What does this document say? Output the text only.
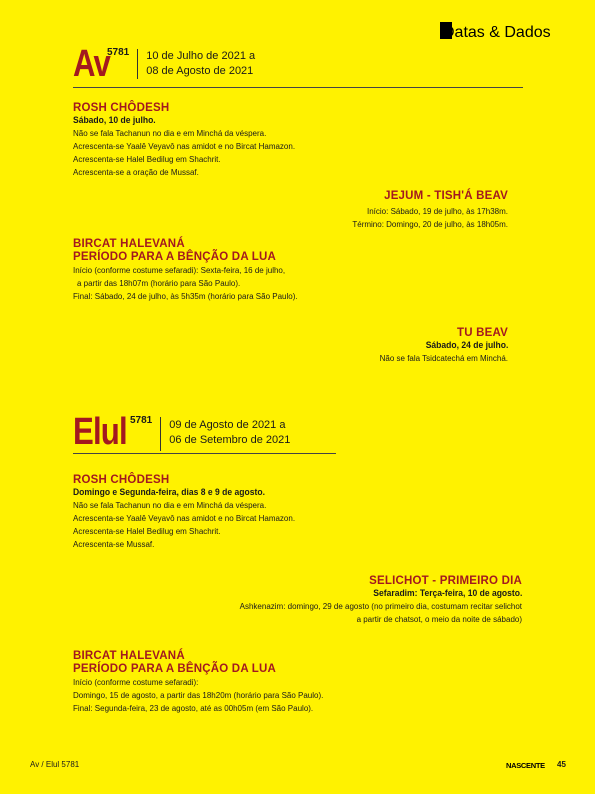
Datas & Dados
Av
5781 10 de Julho de 2021 a
08 de Agosto de 2021
ROSH CHÔDESH
Sábado, 10 de julho.
Não se fala Tachanun no dia e em Minchá da véspera.
Acrescenta-se Yaalê Veyavô nas amidot e no Bircat Hamazon.
Acrescenta-se Halel Bedilug em Shachrit.
Acrescenta-se a oração de Mussaf.
JEJUM - TISH'Á BEAV
Início: Sábado, 19 de julho, às 17h38m.
Término: Domingo, 20 de julho, às 18h05m.
BIRCAT HALEVANÁ
PERÍODO PARA A BÊNÇÃO DA LUA
Início (conforme costume sefaradi): Sexta-feira, 16 de julho,
a partir das 18h07m (horário para São Paulo).
Final: Sábado, 24 de julho, às 5h35m (horário para São Paulo).
TU BEAV
Sábado, 24 de julho.
Não se fala Tsidcatechá em Minchá.
Elul 5781 09 de Agosto de 2021 a
06 de Setembro de 2021
ROSH CHÔDESH
Domingo e Segunda-feira, dias 8 e 9 de agosto.
Não se fala Tachanun no dia e em Minchá da véspera.
Acrescenta-se Yaalê Veyavô nas amidot e no Bircat Hamazon.
Acrescenta-se Halel Bedilug em Shachrit.
Acrescenta-se Mussaf.
SELICHOT - PRIMEIRO DIA
Sefaradim: Terça-feira, 10 de agosto.
Ashkenazim: domingo, 29 de agosto (no primeiro dia, costumam recitar selichot
a partir de chatsot, o meio da noite de sábado)
BIRCAT HALEVANÁ
PERÍODO PARA A BÊNÇÃO DA LUA
Início (conforme costume sefaradi):
Domingo, 15 de agosto, a partir das 18h20m (horário para São Paulo).
Final: Segunda-feira, 23 de agosto, até as 00h05m (em São Paulo).
Av / Elul 5781	NASCENTE 45
